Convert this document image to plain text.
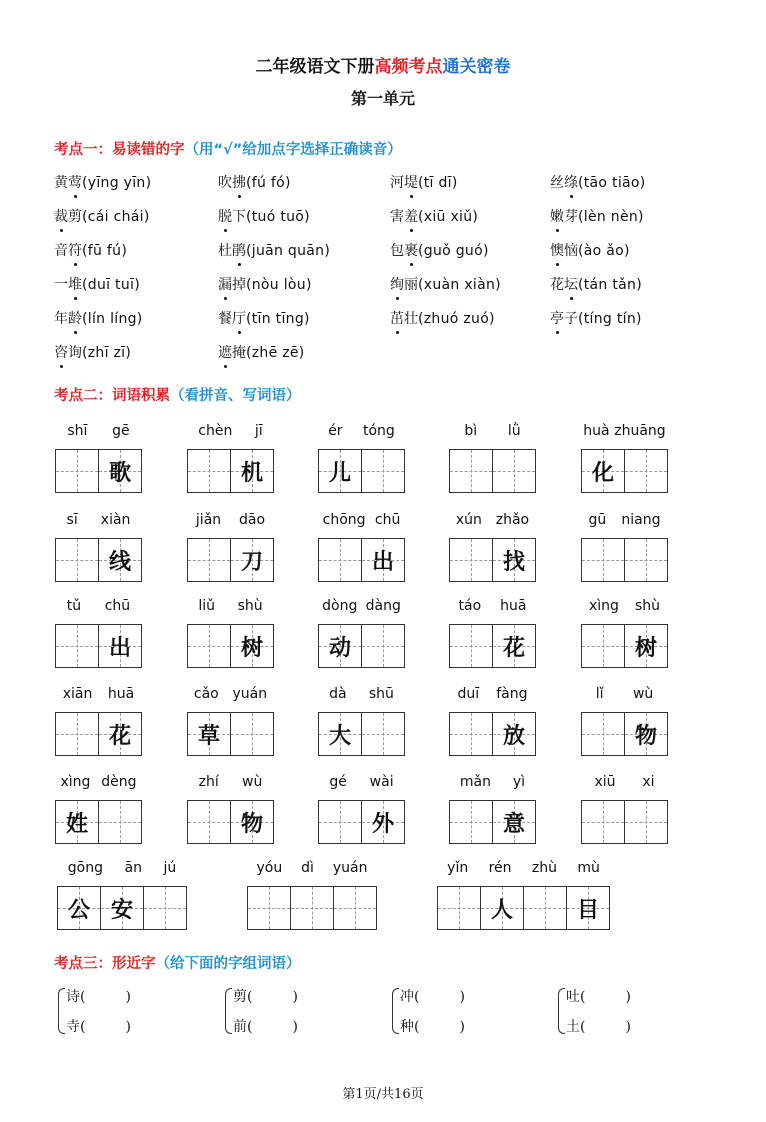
二年级语文下册高频考点通关密卷
第一单元
考点一：易读错的字（用“√”给加点字选择正确读音）
黄莺(yīng yīn)	吹拂(fú fó)	河堤(tī dī)	丝绦(tāo tiāo)
裁剪(cái chái)	脱下(tuó tuō)	害羞(xiū xiǔ)	嫩芽(lèn nèn)
音符(fū fú)	杜鹃(juān quān)	包裹(guǒ guó)	懊恼(ào ǎo)
一堆(duī tuī)	漏掉(nòu lòu)	绚丽(xuàn xiàn)	花坛(tán tǎn)
年龄(lín líng)	餐厅(tīn tīng)	茁壮(zhuó zuó)	亭子(tíng tín)
咨询(zhī zī)	遮掩(zhē zē)
考点二：词语积累（看拼音、写词语）
shī gē
歌
chèn jī
机
ér tóng
儿
bì lǜ	huà zhuāng
化
sī xiàn
线
jiǎn dāo
刀
chōng chū
出
xún zhǎo
找
gū niang
tǔ chū
出
liǔ shù
树
dòng dàng
动
táo huā
花
xìng shù
树
xiān huā
花
cǎo yuán
草
dà shū
大
duī fàng
放
lǐ wù
物
xìng dèng
姓
zhí wù
物
gé wài
外
mǎn yì
意
xiū xi
gōng ān jú
公 安
yóu dì yuán	yǐn rén zhù mù
人	目
考点三：形近字（给下面的字组词语）
诗(         )
寺(         )
剪(         )
前(         )
冲(         )
种(         )
吐(         )
土(         )
第1页/共16页
